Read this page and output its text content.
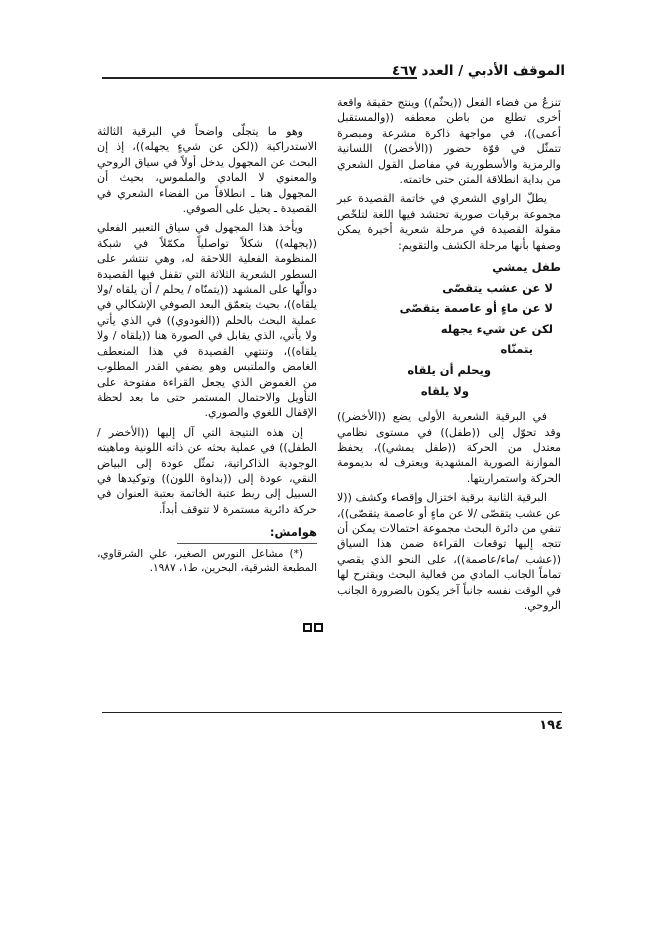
الموقف الأدبي / العدد ٤٦٧

تنزعُ من فضاء الفعل ((يحثّم)) وينتج حقيقة واقعة أخرى تطلع من باطن معطفه ((والمستقبل أعمى))، في مواجهة ذاكرة مشرعة ومبصرة تتمثّل في قوّة حضور ((الأخضر)) اللسانية والرمزية والأسطورية في مفاصل القول الشعري من بداية انطلاقة المتن حتى خاتمته.

يطلّ الراوي الشعري في خاتمة القصيدة عبر مجموعة برقيات صورية تحتشد فيها اللغة لتلخّص مقولة القصيدة في مرحلة شعرية أخيرة يمكن وصفها بأنها مرحلة الكشف والتقويم:

طفل يمشي
لا عن عشب يتقصّى
لا عن ماءٍ أو عاصمة يتقصّى
لكن عن شيء يجهله
يتمنّاه
ويحلم أن يلقاه
ولا يلقاه

في البرقية الشعرية الأولى يضع ((الأخضر)) وقد تحوّل إلى ((طفل)) في مستوى نظامي معتدل من الحركة ((طفل يمشي))، يحفظ الموازنة الصورية المشهدية ويعترف له بديمومة الحركة واستمراريتها.

البرقية الثانية برقية اختزال وإقصاء وكشف ((لا عن عشب يتقصّى /لا عن ماءٍ أو عاصمة يتقصّى))، تنفي من دائرة البحث مجموعة احتمالات يمكن أن تتجه إليها توقعات القراءة ضمن هذا السياق ((عشب /ماء/عاصمة))، على النحو الذي يقصي تماماً الجانب المادي من فعالية البحث ويقترح لها في الوقت نفسه جانباً آخر يكون بالضرورة الجانب الروحي.

وهو ما يتجلّى واضحاً في البرقية الثالثة الاستدراكية ((لكن عن شيءٍ يجهله))، إذ إن البحث عن المجهول يدخل أولاً في سياق الروحي والمعنوي لا المادي والملموس، بحيث أن المجهول هنا ـ انطلاقاً من الفضاء الشعري في القصيدة ـ يحيل على الصوفي.

ويأخذ هذا المجهول في سياق التعبير الفعلي ((يجهله)) شكلاً تواصلياً مكمّلاً في شبكة المنظومة الفعلية اللاحقة له، وهي تنتشر على السطور الشعرية الثلاثة التي تقفل فيها القصيدة دوالّها على المشهد ((يتمنّاه / يحلم / أن يلقاه /ولا يلقاه))، بحيث يتعمّق البعد الصوفي الإشكالي في عملية البحث بالحلم ((الغودوي)) في الذي يأتي ولا يأتي، الذي يقابل في الصورة هنا ((يلقاه / ولا يلقاه))، وتنتهي القصيدة في هذا المنعطف الغامض والملتبس وهو يضفي القدر المطلوب من الغموض الذي يجعل القراءة مفتوحة على التأويل والاحتمال المستمر حتى ما بعد لحظة الإقفال اللغوي والصوري.

إن هذه النتيجة التي آل إليها ((الأخضر / الطفل)) في عملية بحثه عن ذاته اللونية وماهيته الوجودية الذاكراتية، تمثّل عودة إلى البياض النقي، عودة إلى ((بداوة اللون)) وتوكيدها في السبيل إلى ربط عتبة الخاتمة بعتبة العنوان في حركة دائرية مستمرة لا تتوقف أبداً.

هوامش:

(*) مشاعل النورس الصغير، علي الشرقاوي، المطبعة الشرقية، البحرين، ط١، ١٩٨٧.

١٩٤
